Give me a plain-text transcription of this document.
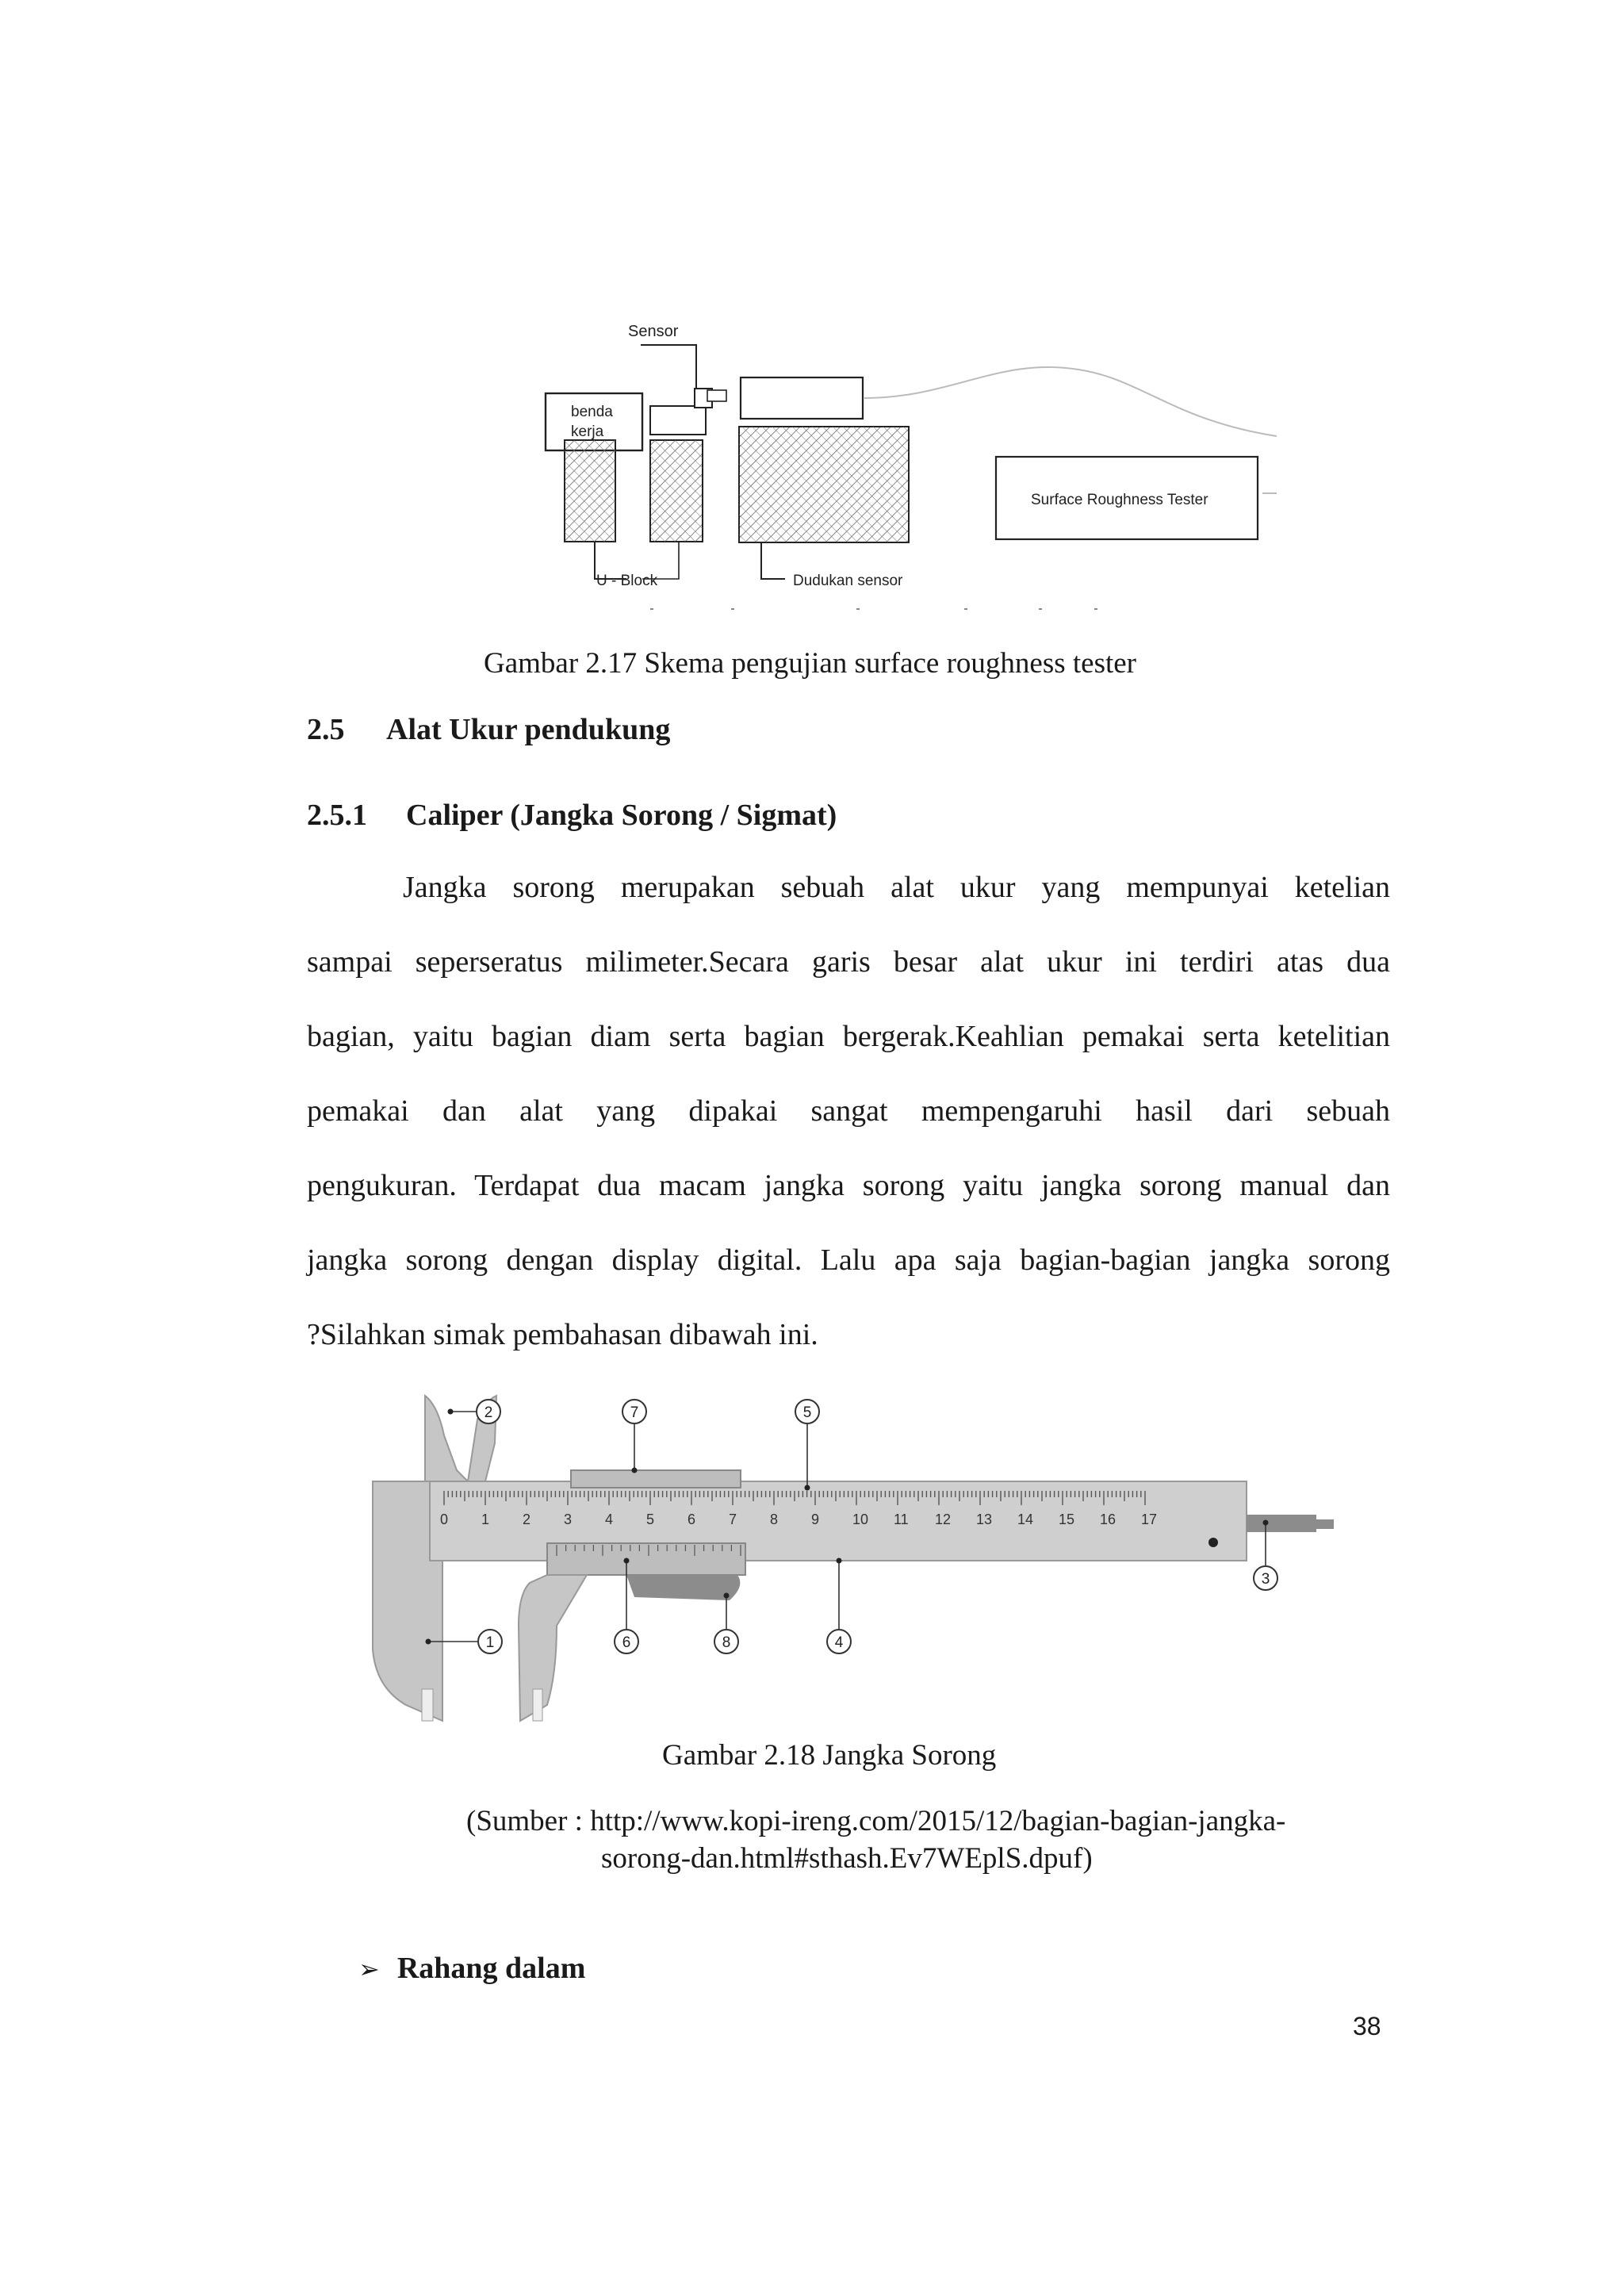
Sensor
benda
kerja
Surface Roughness Tester
U - Block	Dudukan sensor
Gambar 2.17 Skema pengujian surface roughness tester
2.5 Alat Ukur pendukung
2.5.1 Caliper (Jangka Sorong / Sigmat)
Jangka sorong merupakan sebuah alat ukur yang mempunyai ketelian
sampai seperseratus milimeter.Secara garis besar alat ukur ini terdiri atas dua
bagian, yaitu bagian diam serta bagian bergerak.Keahlian pemakai serta ketelitian
pemakai dan alat yang dipakai sangat mempengaruhi hasil dari sebuah
pengukuran. Terdapat dua macam jangka sorong yaitu jangka sorong manual dan
jangka sorong dengan display digital. Lalu apa saja bagian-bagian jangka sorong
?Silahkan simak pembahasan dibawah ini.
0 1 2 3 4 5 6 7 8 9 10 11 12 13 14 15 16 17
2	7	5
3
1	6	8	4
Gambar 2.18 Jangka Sorong
(Sumber : http://www.kopi-ireng.com/2015/12/bagian-bagian-jangka-
sorong-dan.html#sthash.Ev7WEplS.dpuf)
➢ Rahang dalam
38
